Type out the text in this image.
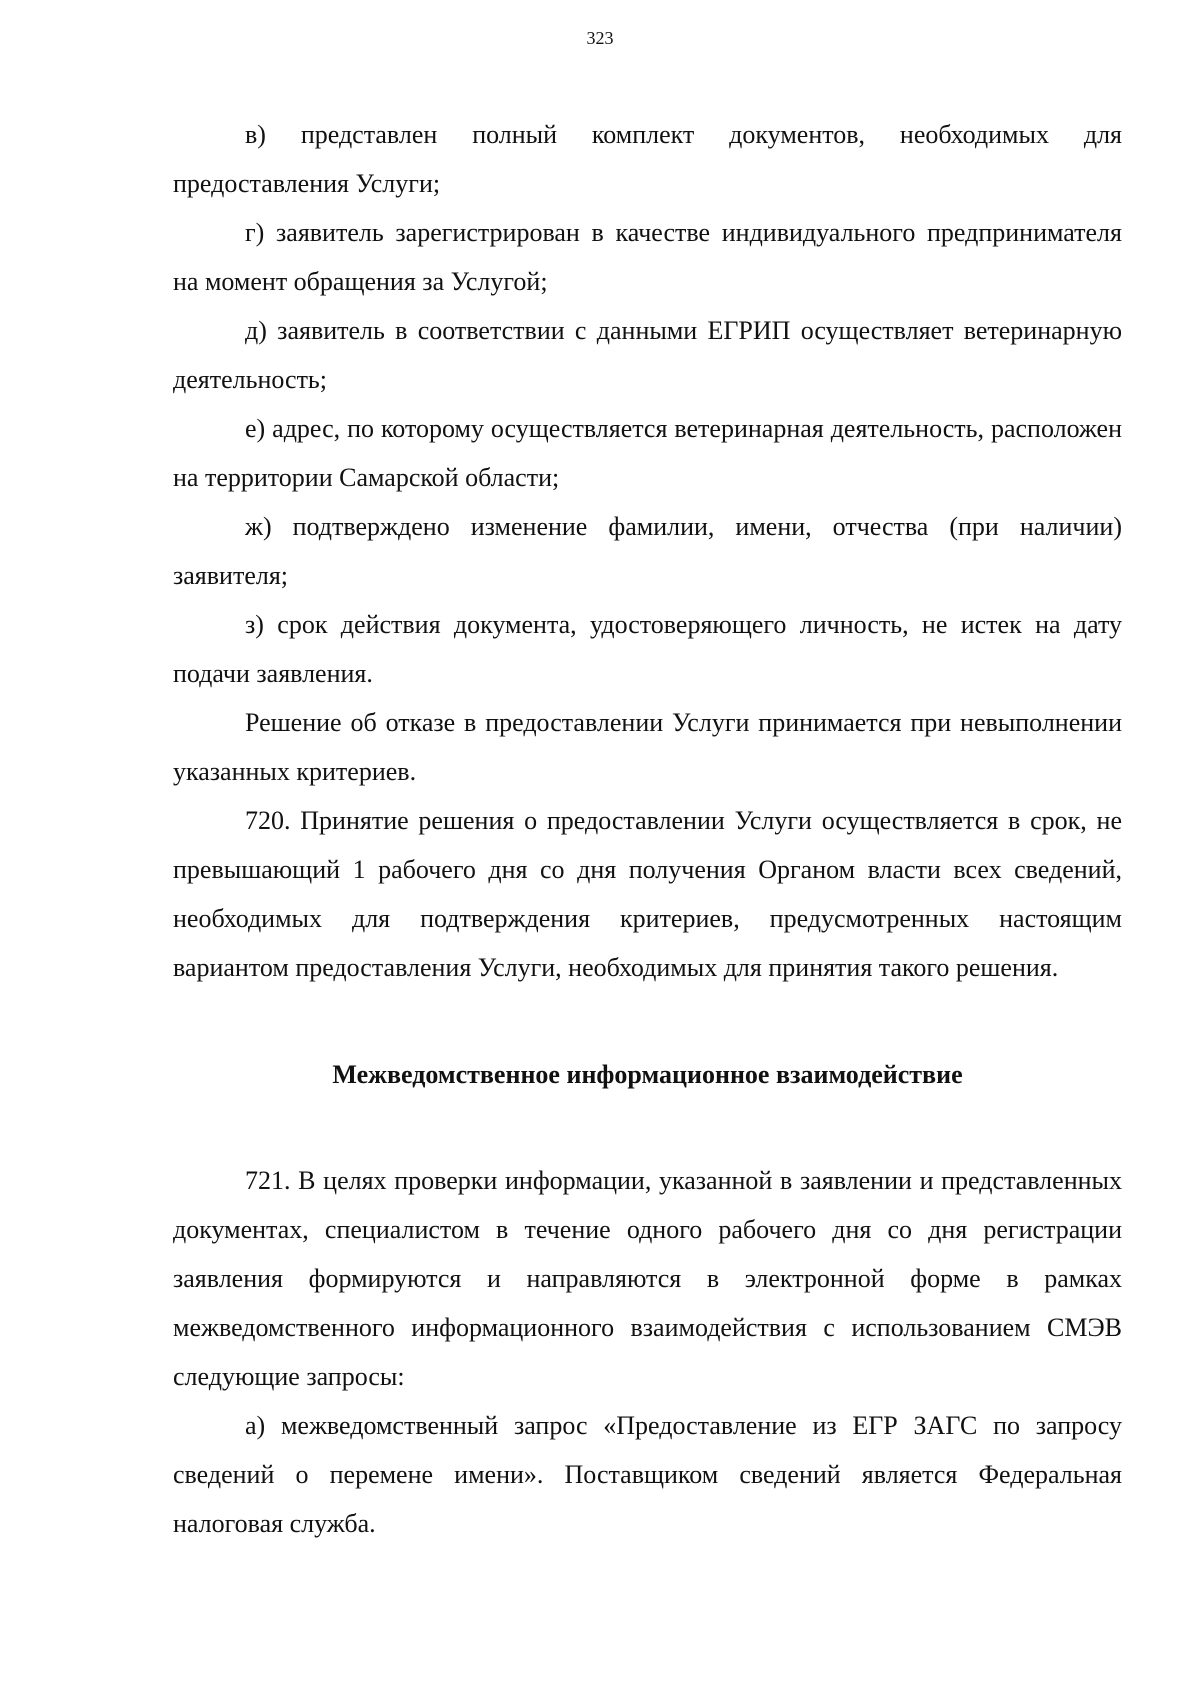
323

в) представлен полный комплект документов, необходимых для предоставления Услуги;

г) заявитель зарегистрирован в качестве индивидуального предпринимателя на момент обращения за Услугой;

д) заявитель в соответствии с данными ЕГРИП осуществляет ветеринарную деятельность;

е) адрес, по которому осуществляется ветеринарная деятельность, расположен на территории Самарской области;

ж) подтверждено изменение фамилии, имени, отчества (при наличии) заявителя;

з) срок действия документа, удостоверяющего личность, не истек на дату подачи заявления.

Решение об отказе в предоставлении Услуги принимается при невыполнении указанных критериев.

720. Принятие решения о предоставлении Услуги осуществляется в срок, не превышающий 1 рабочего дня со дня получения Органом власти всех сведений, необходимых для подтверждения критериев, предусмотренных настоящим вариантом предоставления Услуги, необходимых для принятия такого решения.

Межведомственное информационное взаимодействие

721. В целях проверки информации, указанной в заявлении и представленных документах, специалистом в течение одного рабочего дня со дня регистрации заявления формируются и направляются в электронной форме в рамках межведомственного информационного взаимодействия с использованием СМЭВ следующие запросы:

а) межведомственный запрос «Предоставление из ЕГР ЗАГС по запросу сведений о перемене имени». Поставщиком сведений является Федеральная налоговая служба.
